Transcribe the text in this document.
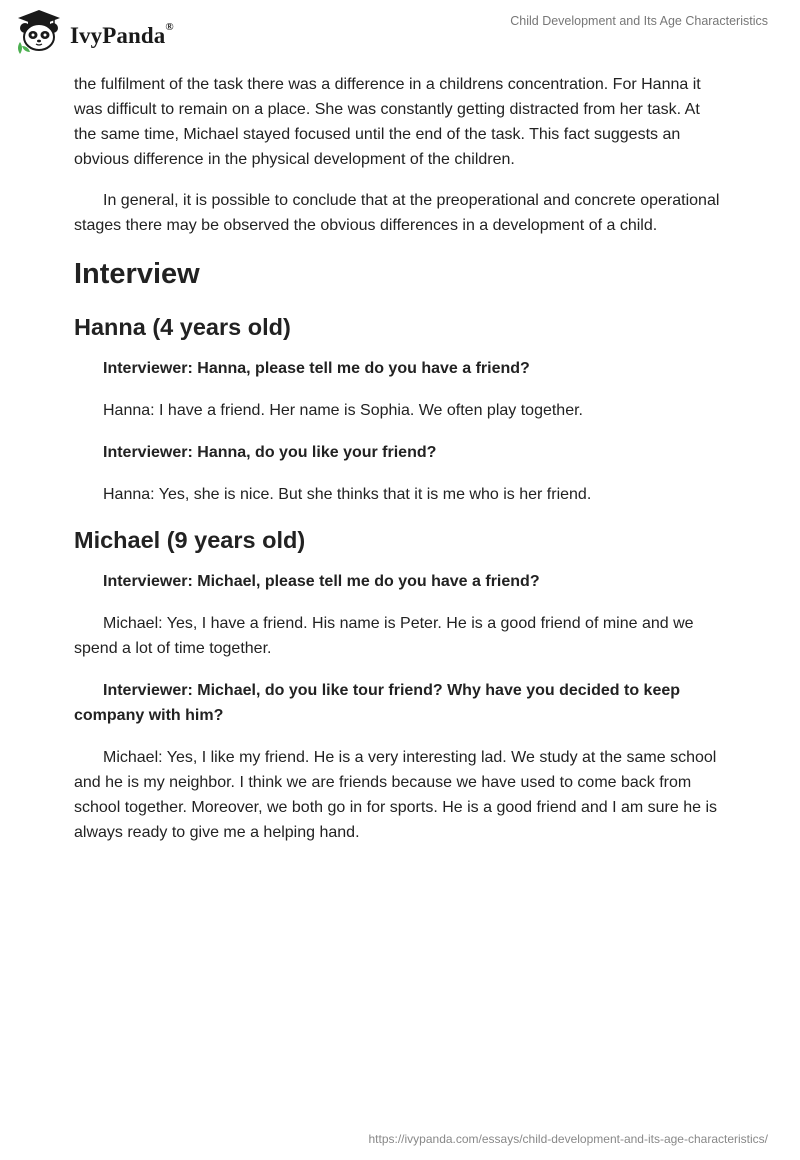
IvyPanda®	Child Development and Its Age Characteristics

the fulfilment of the task there was a difference in a childrens concentration. For Hanna it was difficult to remain on a place. She was constantly getting distracted from her task. At the same time, Michael stayed focused until the end of the task. This fact suggests an obvious difference in the physical development of the children.

In general, it is possible to conclude that at the preoperational and concrete operational stages there may be observed the obvious differences in a development of a child.

Interview
Hanna (4 years old)

Interviewer: Hanna, please tell me do you have a friend?

Hanna: I have a friend. Her name is Sophia. We often play together.

Interviewer: Hanna, do you like your friend?

Hanna: Yes, she is nice. But she thinks that it is me who is her friend.

Michael (9 years old)

Interviewer: Michael, please tell me do you have a friend?

Michael: Yes, I have a friend. His name is Peter. He is a good friend of mine and we spend a lot of time together.

Interviewer: Michael, do you like tour friend? Why have you decided to keep company with him?

Michael: Yes, I like my friend. He is a very interesting lad. We study at the same school and he is my neighbor. I think we are friends because we have used to come back from school together. Moreover, we both go in for sports. He is a good friend and I am sure he is always ready to give me a helping hand.

https://ivypanda.com/essays/child-development-and-its-age-characteristics/
